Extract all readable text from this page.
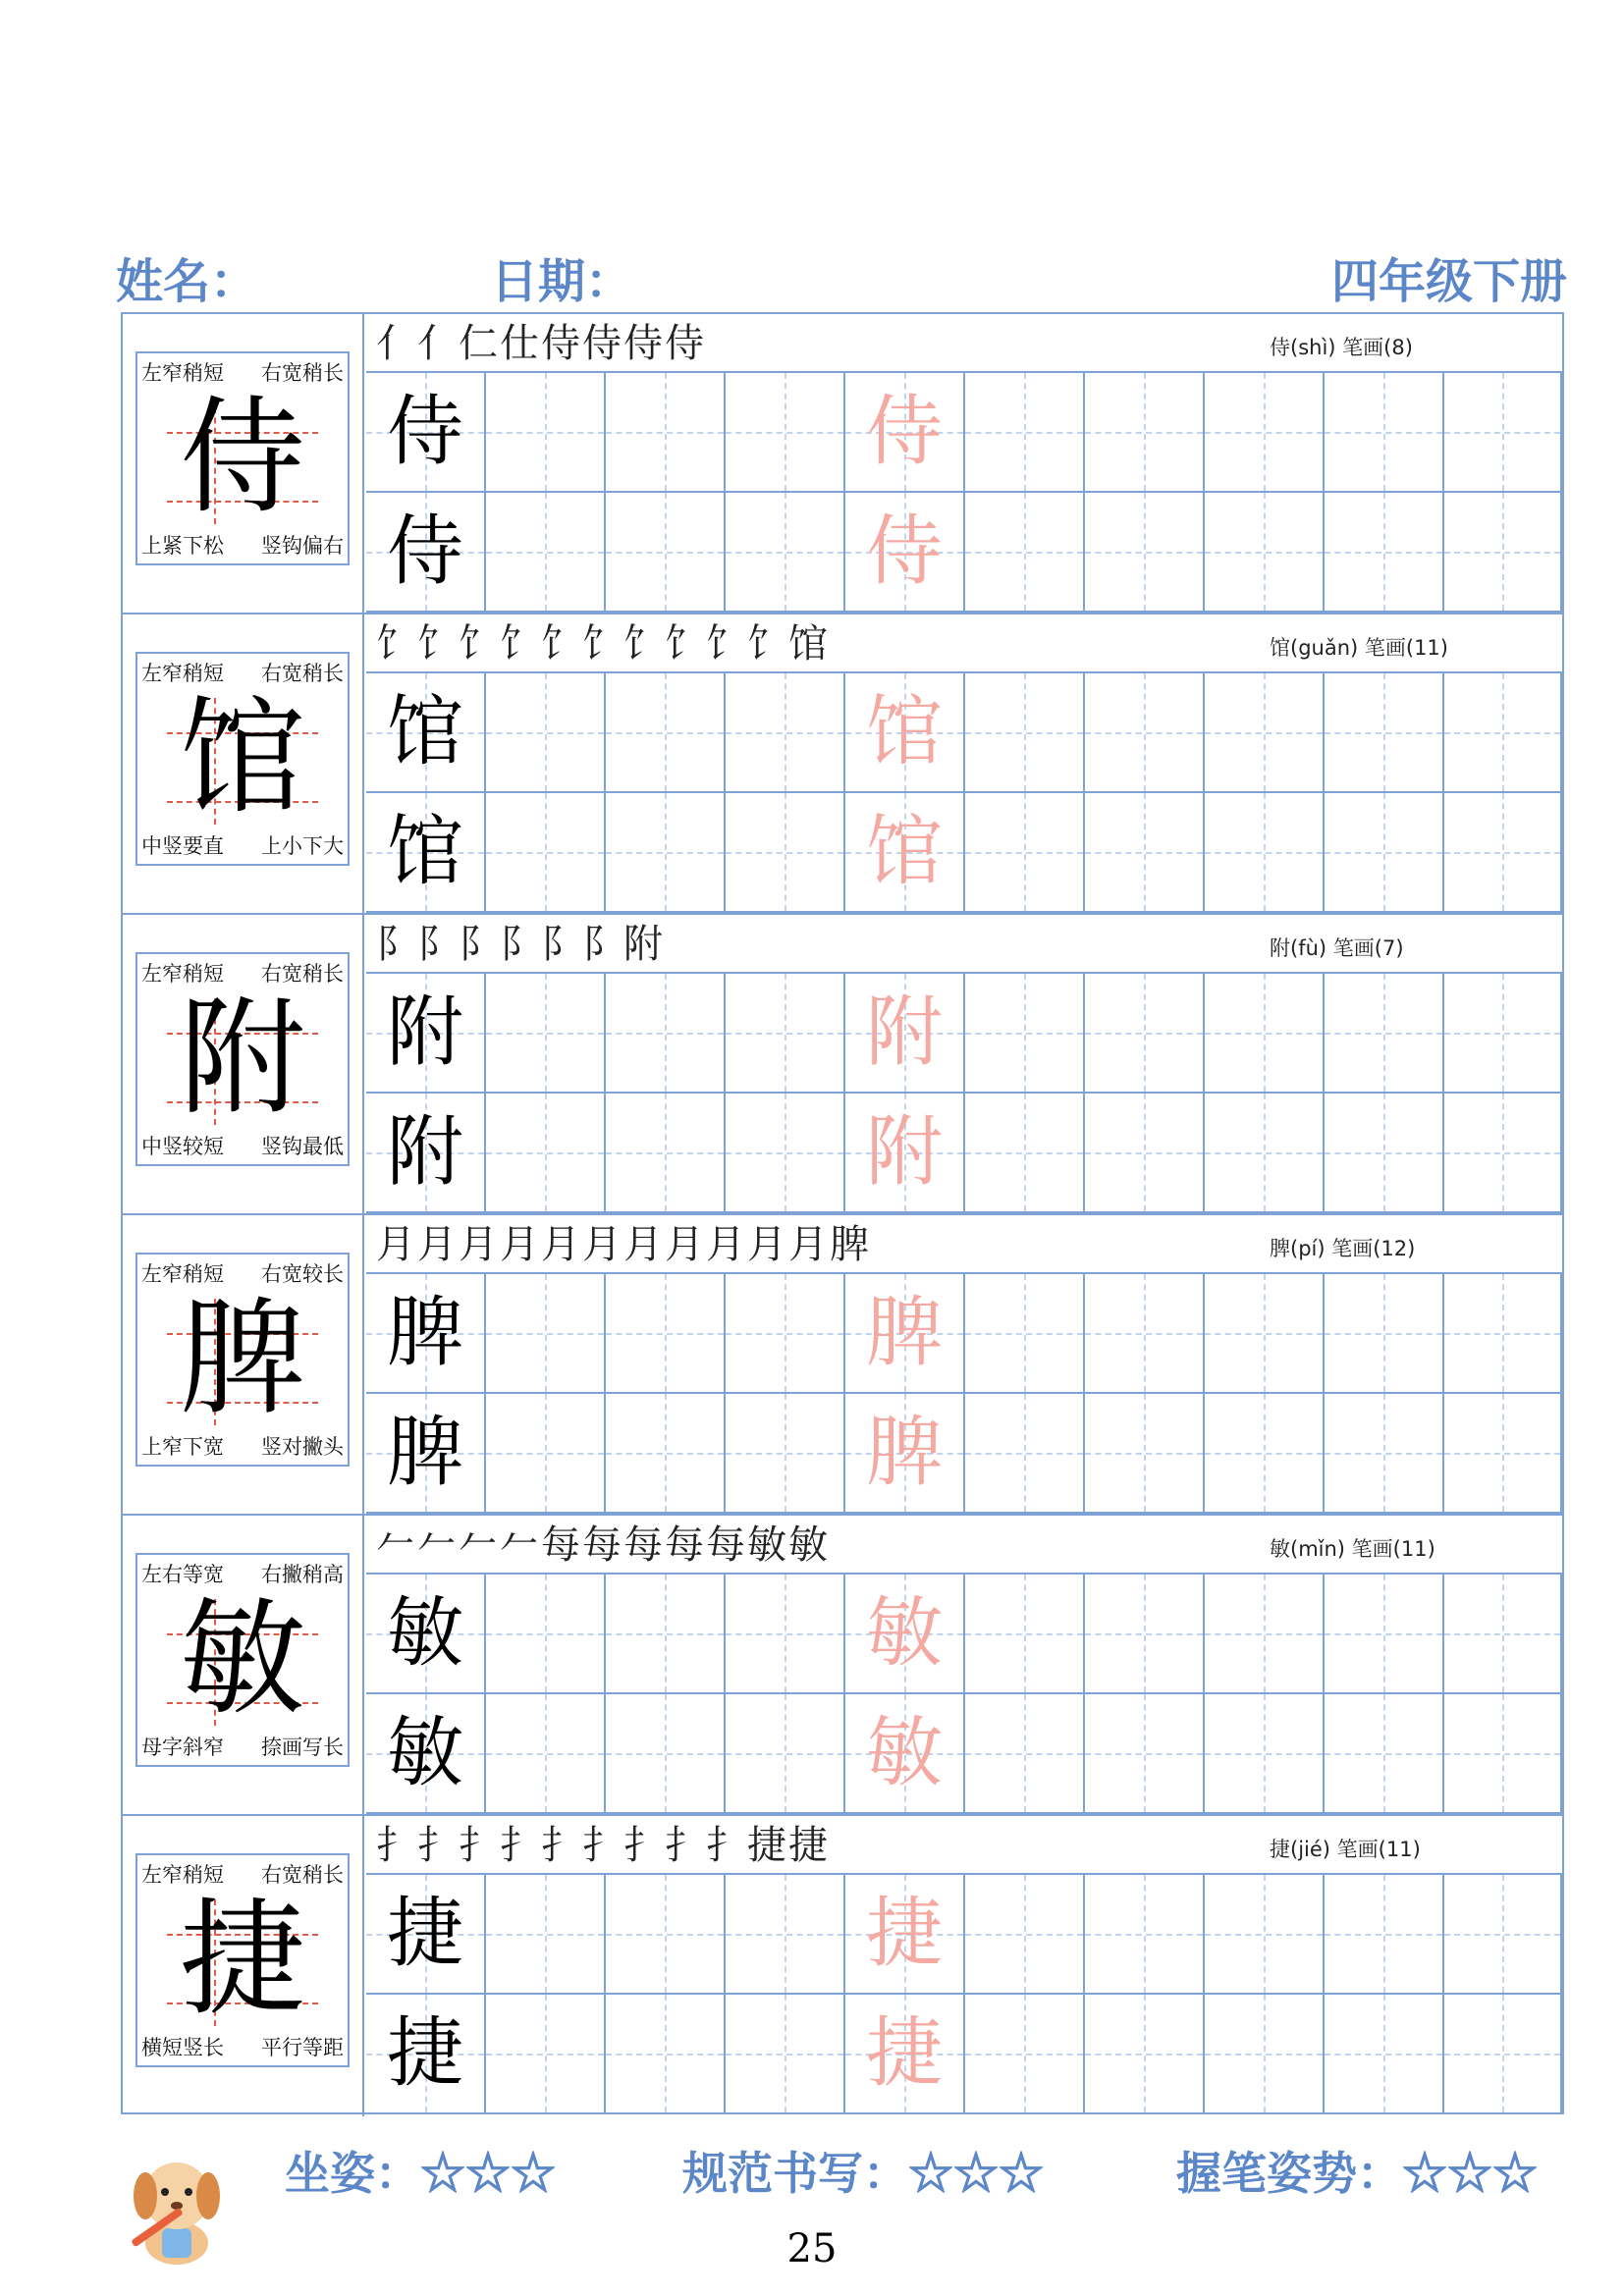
姓名：	日期：	四年级下册
左窄稍短 右宽稍长
上紧下松 竖钩偏右
侍
亻亻仁仕侍侍侍侍	侍(shì) 笔画(8)
侍	侍
侍	侍
左窄稍短 右宽稍长
中竖要直 上小下大
馆
饣饣饣饣饣饣饣饣饣饣馆	馆(guǎn) 笔画(11)
馆	馆
馆	馆
左窄稍短 右宽稍长
中竖较短 竖钩最低
附
阝阝阝阝阝阝附	附(fù) 笔画(7)
附	附
附	附
左窄稍短 右宽较长
上窄下宽 竖对撇头
脾
月月月月月月月月月月月脾	脾(pí) 笔画(12)
脾	脾
脾	脾
左右等宽 右撇稍高
母字斜窄 捺画写长
敏
𠂉𠂉𠂉𠂉每每每每每敏敏	敏(mǐn) 笔画(11)
敏	敏
敏	敏
左窄稍短 右宽稍长
横短竖长 平行等距
捷
扌扌扌扌扌扌扌扌扌捷捷	捷(jié) 笔画(11)
捷	捷
捷	捷
坐姿：☆☆☆	规范书写：☆☆☆	握笔姿势：☆☆☆
25
